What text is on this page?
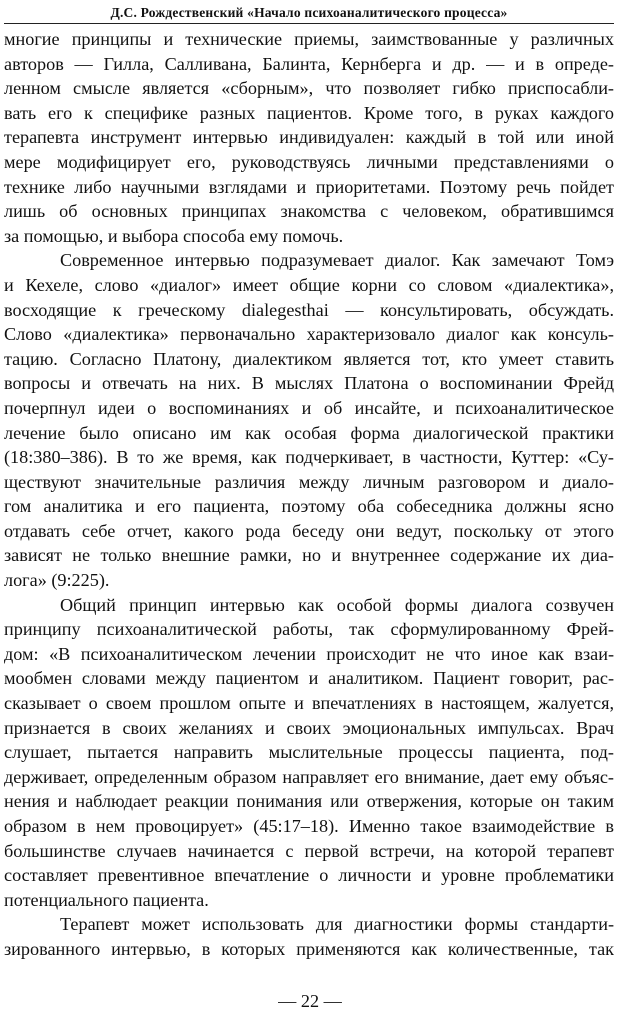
Д.С. Рождественский «Начало психоаналитического процесса»
многие принципы и технические приемы, заимствованные у различных
авторов — Гилла, Салливана, Балинта, Кернберга и др. — и в опреде-
ленном смысле является «сборным», что позволяет гибко приспосабли-
вать его к специфике разных пациентов. Кроме того, в руках каждого
терапевта инструмент интервью индивидуален: каждый в той или иной
мере модифицирует его, руководствуясь личными представлениями о
технике либо научными взглядами и приоритетами. Поэтому речь пойдет
лишь об основных принципах знакомства с человеком, обратившимся
за помощью, и выбора способа ему помочь.
Современное интервью подразумевает диалог. Как замечают Томэ
и Кехеле, слово «диалог» имеет общие корни со словом «диалектика»,
восходящие к греческому dialegesthai — консультировать, обсуждать.
Слово «диалектика» первоначально характеризовало диалог как консуль-
тацию. Согласно Платону, диалектиком является тот, кто умеет ставить
вопросы и отвечать на них. В мыслях Платона о воспоминании Фрейд
почерпнул идеи о воспоминаниях и об инсайте, и психоаналитическое
лечение было описано им как особая форма диалогической практики
(18:380–386). В то же время, как подчеркивает, в частности, Куттер: «Су-
ществуют значительные различия между личным разговором и диало-
гом аналитика и его пациента, поэтому оба собеседника должны ясно
отдавать себе отчет, какого рода беседу они ведут, поскольку от этого
зависят не только внешние рамки, но и внутреннее содержание их диа-
лога» (9:225).
Общий принцип интервью как особой формы диалога созвучен
принципу психоаналитической работы, так сформулированному Фрей-
дом: «В психоаналитическом лечении происходит не что иное как взаи-
мообмен словами между пациентом и аналитиком. Пациент говорит, рас-
сказывает о своем прошлом опыте и впечатлениях в настоящем, жалуется,
признается в своих желаниях и своих эмоциональных импульсах. Врач
слушает, пытается направить мыслительные процессы пациента, под-
держивает, определенным образом направляет его внимание, дает ему объяс-
нения и наблюдает реакции понимания или отвержения, которые он таким
образом в нем провоцирует» (45:17–18). Именно такое взаимодействие в
большинстве случаев начинается с первой встречи, на которой терапевт
составляет превентивное впечатление о личности и уровне проблематики
потенциального пациента.
Терапевт может использовать для диагностики формы стандарти-
зированного интервью, в которых применяются как количественные, так
— 22 —
